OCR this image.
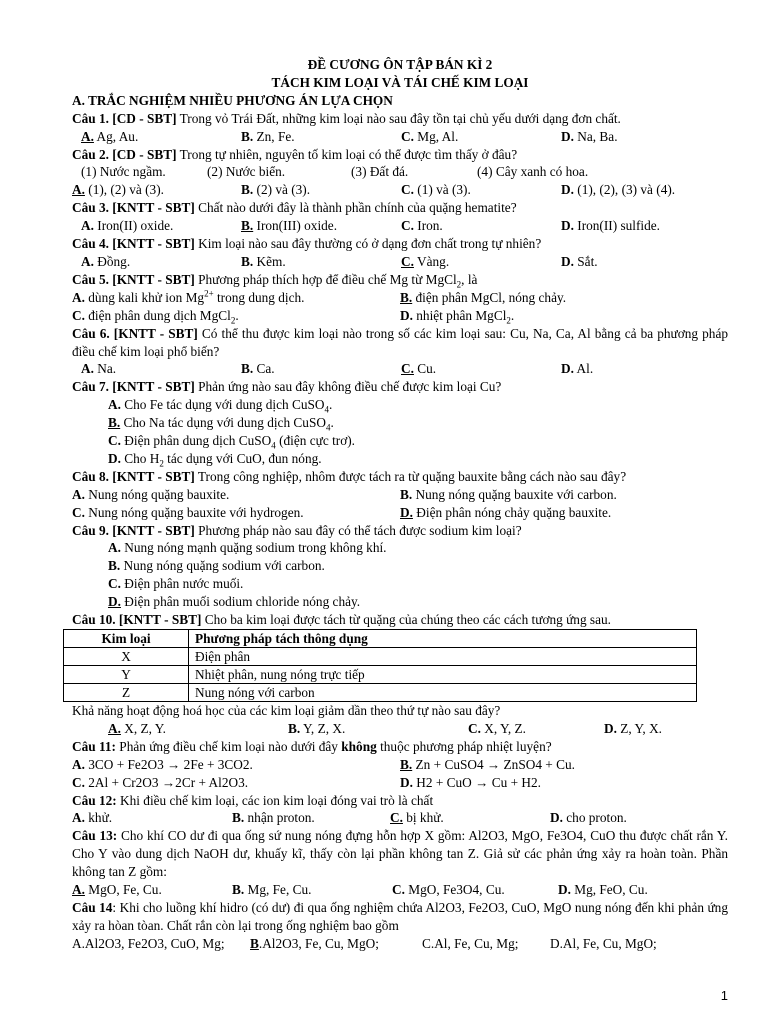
ĐỀ CƯƠNG ÔN TẬP BÁN KÌ 2
TÁCH KIM LOẠI VÀ TÁI CHẾ KIM LOẠI
A. TRẮC NGHIỆM NHIỀU PHƯƠNG ÁN LỰA CHỌN
Câu 1. [CD - SBT] Trong vỏ Trái Đất, những kim loại nào sau đây tồn tại chủ yếu dưới dạng đơn chất.
A. Ag, Au.	B. Zn, Fe.	C. Mg, Al.	D. Na, Ba.
Câu 2. [CD - SBT] Trong tự nhiên, nguyên tố kim loại có thể được tìm thấy ở đâu?
(1) Nước ngầm.	(2) Nước biển.	(3) Đất đá.	(4) Cây xanh có hoa.
A. (1), (2) và (3).	B. (2) và (3).	C. (1) và (3).	D. (1), (2), (3) và (4).
Câu 3. [KNTT - SBT] Chất nào dưới đây là thành phần chính của quặng hematite?
A. Iron(II) oxide.	B. Iron(III) oxide.	C. Iron.	D. Iron(II) sulfide.
Câu 4. [KNTT - SBT] Kim loại nào sau đây thường có ở dạng đơn chất trong tự nhiên?
A. Đồng.	B. Kẽm.	C. Vàng.	D. Sắt.
Câu 5. [KNTT - SBT] Phương pháp thích hợp để điều chế Mg từ MgCl$_2$, là
A. dùng kali khử ion $Mg^{2+}$ trong dung dịch.	B. điện phân MgCl, nóng chảy.
C. điện phân dung dịch MgCl$_2$.	D. nhiệt phân MgCl$_2$.
Câu 6. [KNTT - SBT] Có thể thu được kim loại nào trong số các kim loại sau: Cu, Na, Ca, Al bằng cả ba phương pháp điều chế kim loại phổ biến?
A. Na.	B. Ca.	C. Cu.	D. Al.
Câu 7. [KNTT - SBT] Phản ứng nào sau đây không điều chế được kim loại Cu?
A. Cho Fe tác dụng với dung dịch CuSO$_4$.
B. Cho Na tác dụng với dung dịch CuSO$_4$.
C. Điện phân dung dịch CuSO$_4$ (điện cực trơ).
D. Cho $H_2$ tác dụng với CuO, đun nóng.
Câu 8. [KNTT - SBT] Trong công nghiệp, nhôm được tách ra từ quặng bauxite bằng cách nào sau đây?
A. Nung nóng quặng bauxite.	B. Nung nóng quặng bauxite với carbon.
C. Nung nóng quặng bauxite với hydrogen.	D. Điện phân nóng chảy quặng bauxite.
Câu 9. [KNTT - SBT] Phương pháp nào sau đây có thể tách được sodium kim loại?
A. Nung nóng mạnh quặng sodium trong không khí.
B. Nung nóng quặng sodium với carbon.
C. Điện phân nước muối.
D. Điện phân muối sodium chloride nóng chảy.
Câu 10. [KNTT - SBT] Cho ba kim loại được tách từ quặng của chúng theo các cách tương ứng sau.
Kim loại	Phương pháp tách thông dụng
X	Điện phân
Y	Nhiệt phân, nung nóng trực tiếp
Z	Nung nóng với carbon
Khả năng hoạt động hoá học của các kim loại giảm dần theo thứ tự nào sau đây?
A. X, Z, Y.	B. Y, Z, X.	C. X, Y, Z.	D. Z, Y, X.
Câu 11: Phản ứng điều chế kim loại nào dưới đây không thuộc phương pháp nhiệt luyện?
A. 3CO + Fe2O3 → 2Fe + 3CO2.	B. Zn + CuSO4 → ZnSO4 + Cu.
C. 2Al + Cr2O3 →2Cr + Al2O3.	D. H2 + CuO → Cu + H2.
Câu 12: Khi điều chế kim loại, các ion kim loại đóng vai trò là chất
A. khử.	B. nhận proton.	C. bị khử.	D. cho proton.
Câu 13: Cho khí CO dư đi qua ống sứ nung nóng đựng hỗn hợp X gồm: Al2O3, MgO, Fe3O4, CuO thu được chất rắn Y. Cho Y vào dung dịch NaOH dư, khuấy kĩ, thấy còn lại phần không tan Z. Giả sử các phản ứng xảy ra hoàn toàn. Phần không tan Z gồm:
A. MgO, Fe, Cu.	B. Mg, Fe, Cu.	C. MgO, Fe3O4, Cu.	D. Mg, FeO, Cu.
Câu 14: Khi cho luồng khí hidro (có dư) đi qua ống nghiệm chứa Al2O3, Fe2O3, CuO, MgO nung nóng đến khi phản ứng xảy ra hòan tòan. Chất rắn còn lại trong ống nghiệm bao gồm
A.Al2O3, Fe2O3, CuO, Mg;	B.Al2O3, Fe, Cu, MgO;	C.Al, Fe, Cu, Mg;	D.Al, Fe, Cu, MgO;
1
